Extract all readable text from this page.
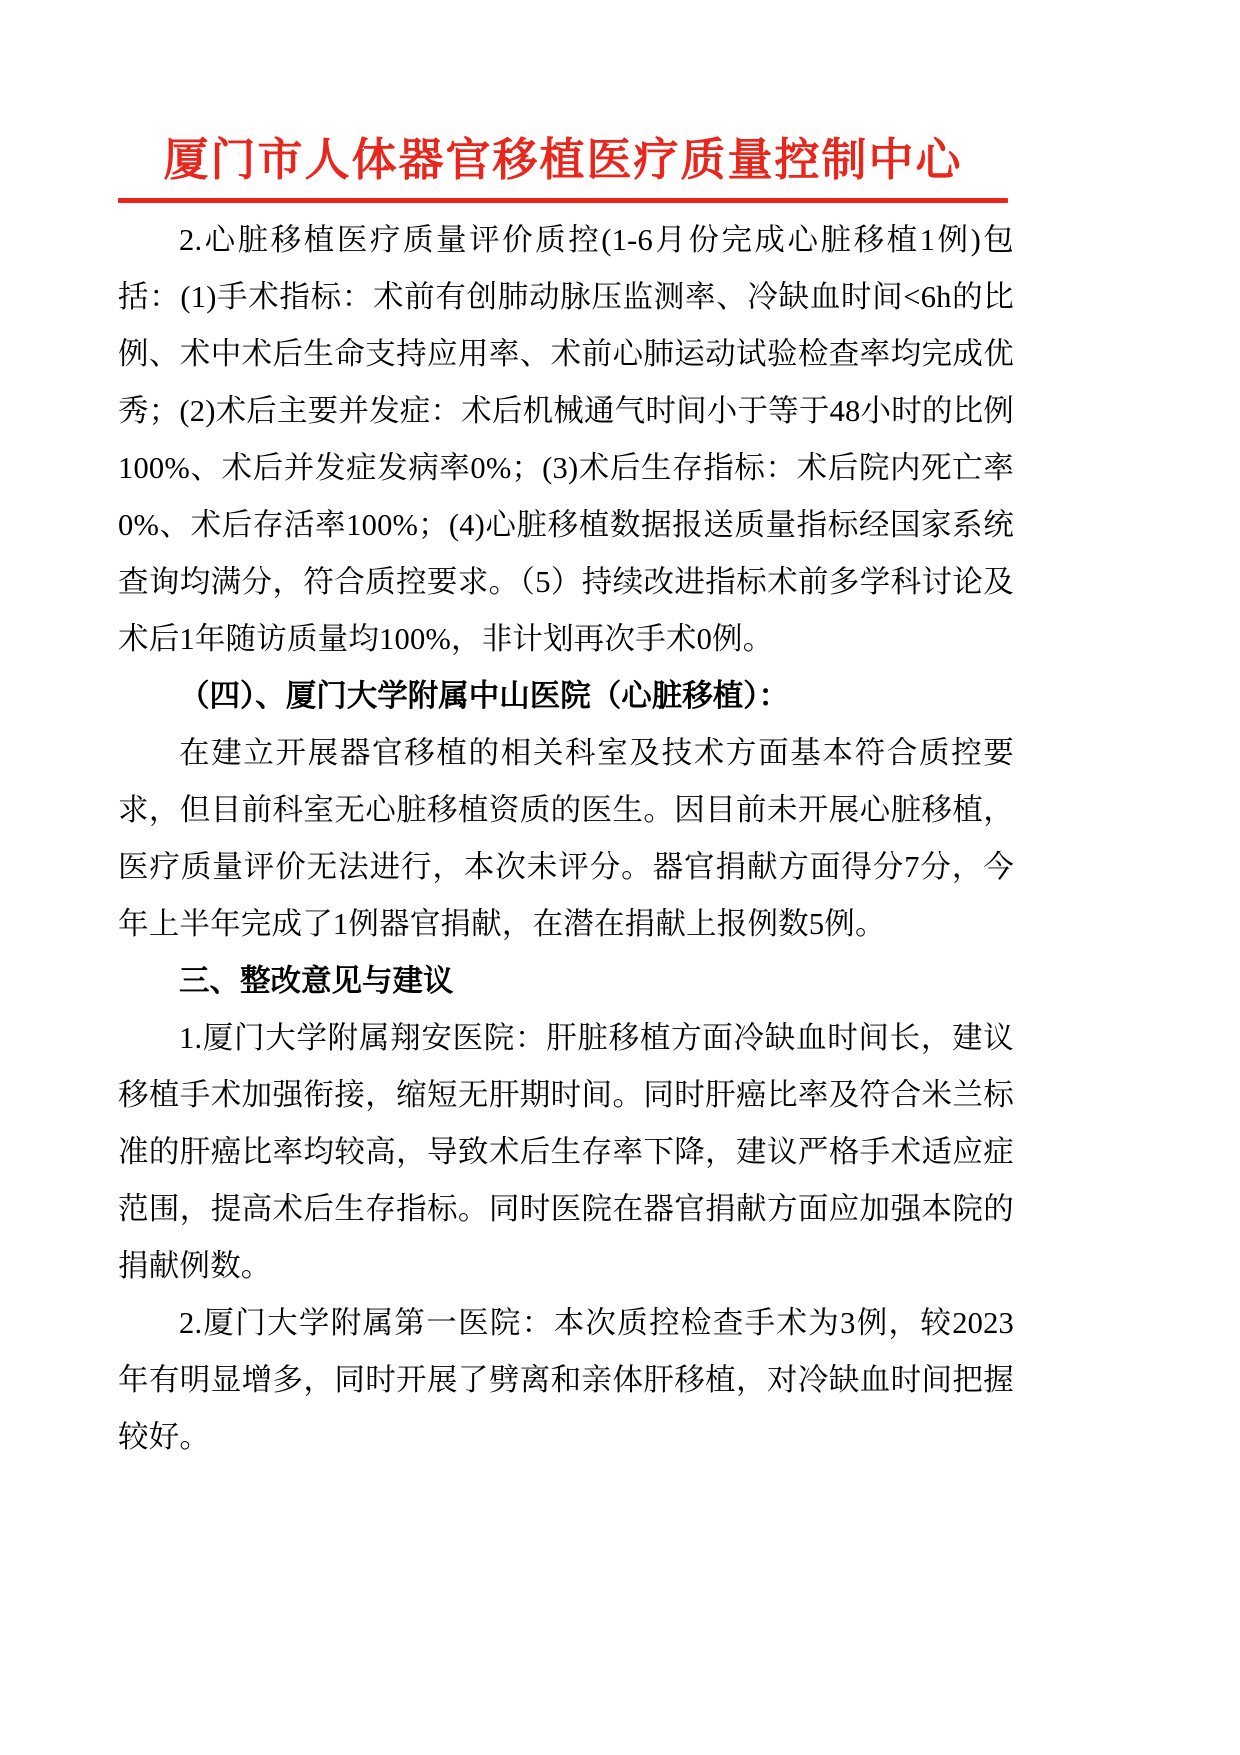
厦门市人体器官移植医疗质量控制中心

2.心脏移植医疗质量评价质控(1-6月份完成心脏移植1例)包括：(1)手术指标：术前有创肺动脉压监测率、冷缺血时间<6h的比例、术中术后生命支持应用率、术前心肺运动试验检查率均完成优秀；(2)术后主要并发症：术后机械通气时间小于等于48小时的比例100%、术后并发症发病率0%；(3)术后生存指标：术后院内死亡率0%、术后存活率100%；(4)心脏移植数据报送质量指标经国家系统查询均满分，符合质控要求。（5）持续改进指标术前多学科讨论及术后1年随访质量均100%，非计划再次手术0例。

（四）、厦门大学附属中山医院（心脏移植）：

在建立开展器官移植的相关科室及技术方面基本符合质控要求，但目前科室无心脏移植资质的医生。因目前未开展心脏移植，医疗质量评价无法进行，本次未评分。器官捐献方面得分7分，今年上半年完成了1例器官捐献，在潜在捐献上报例数5例。

三、整改意见与建议

1.厦门大学附属翔安医院：肝脏移植方面冷缺血时间长，建议移植手术加强衔接，缩短无肝期时间。同时肝癌比率及符合米兰标准的肝癌比率均较高，导致术后生存率下降，建议严格手术适应症范围，提高术后生存指标。同时医院在器官捐献方面应加强本院的捐献例数。

2.厦门大学附属第一医院：本次质控检查手术为3例，较2023年有明显增多，同时开展了劈离和亲体肝移植，对冷缺血时间把握较好。
